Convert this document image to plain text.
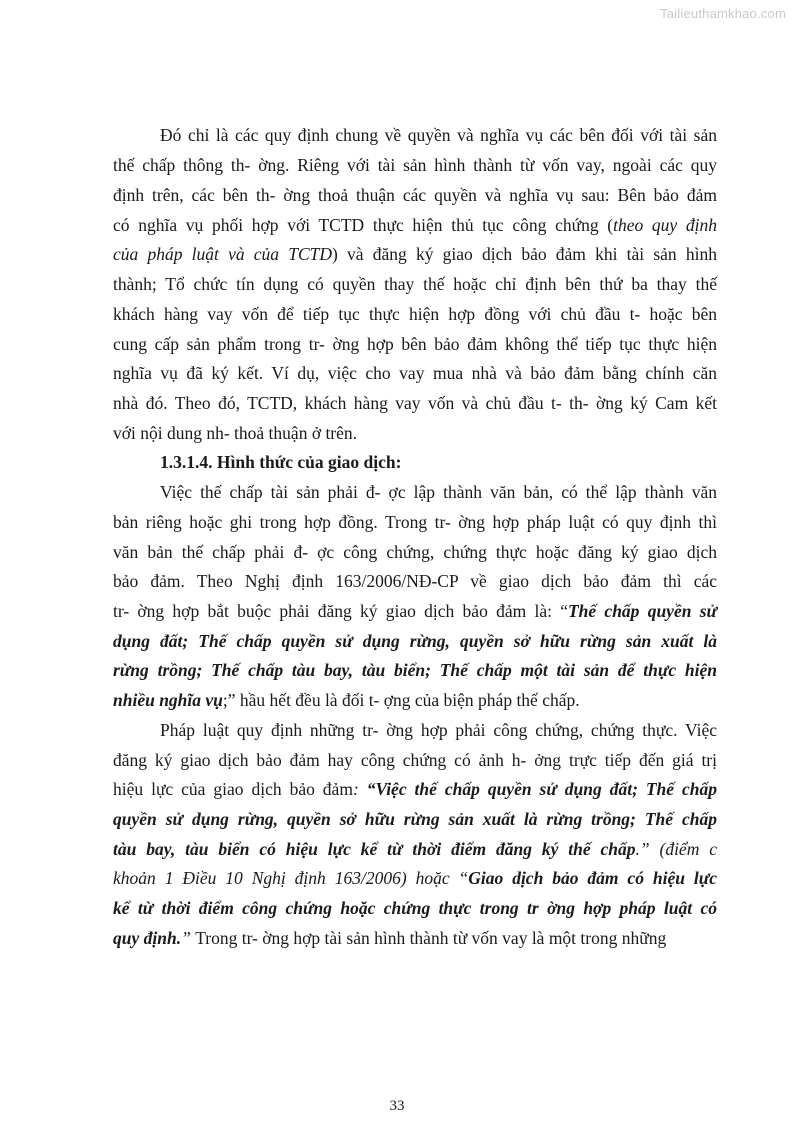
Tailieuthamkhao.com
Đó chỉ là các quy định chung về quyền và nghĩa vụ các bên đối với tài sản
thế chấp thông th- ờng. Riêng với tài sản hình thành từ vốn vay, ngoài các quy
định trên, các bên th- ờng thoả thuận các quyền và nghĩa vụ sau: Bên bảo đảm
có nghĩa vụ phối hợp với TCTD thực hiện thủ tục công chứng (theo quy định
của pháp luật và của TCTD) và đăng ký giao dịch bảo đảm khi tài sản hình
thành; Tổ chức tín dụng có quyền thay thế hoặc chỉ định bên thứ ba thay thế
khách hàng vay vốn để tiếp tục thực hiện hợp đồng với chủ đầu t- hoặc bên
cung cấp sản phẩm trong tr- ờng hợp bên bảo đảm không thể tiếp tục thực hiện
nghĩa vụ đã ký kết. Ví dụ, việc cho vay mua nhà và bảo đảm bằng chính căn
nhà đó. Theo đó, TCTD, khách hàng vay vốn và chủ đầu t- th- ờng ký Cam kết
với nội dung nh- thoả thuận ở trên.
1.3.1.4. Hình thức của giao dịch:
Việc thế chấp tài sản phải đ- ợc lập thành văn bản, có thể lập thành văn
bản riêng hoặc ghi trong hợp đồng. Trong tr- ờng hợp pháp luật có quy định thì
văn bản thế chấp phải đ- ợc công chứng, chứng thực hoặc đăng ký giao dịch
bảo đảm. Theo Nghị định 163/2006/NĐ-CP về giao dịch bảo đảm thì các
tr- ờng hợp bắt buộc phải đăng ký giao dịch bảo đảm là: “Thế chấp quyền sử
dụng đất; Thế chấp quyền sử dụng rừng, quyền sở hữu rừng sản xuất là
rừng trồng; Thế chấp tàu bay, tàu biển; Thế chấp một tài sản để thực hiện
nhiều nghĩa vụ;” hầu hết đều là đối t- ợng của biện pháp thế chấp.
Pháp luật quy định những tr- ờng hợp phải công chứng, chứng thực. Việc
đăng ký giao dịch bảo đảm hay công chứng có ảnh h- ởng trực tiếp đến giá trị
hiệu lực của giao dịch bảo đảm: “Việc thế chấp quyền sử dụng đất; Thế chấp
quyền sử dụng rừng, quyền sở hữu rừng sản xuất là rừng trồng; Thế chấp
tàu bay, tàu biển có hiệu lực kể từ thời điểm đăng ký thế chấp.” (điểm c
khoản 1 Điều 10 Nghị định 163/2006) hoặc “Giao dịch bảo đảm có hiệu lực
kể từ thời điểm công chứng hoặc chứng thực trong tr ờng hợp pháp luật có
quy định.” Trong tr- ờng hợp tài sản hình thành từ vốn vay là một trong những
33
